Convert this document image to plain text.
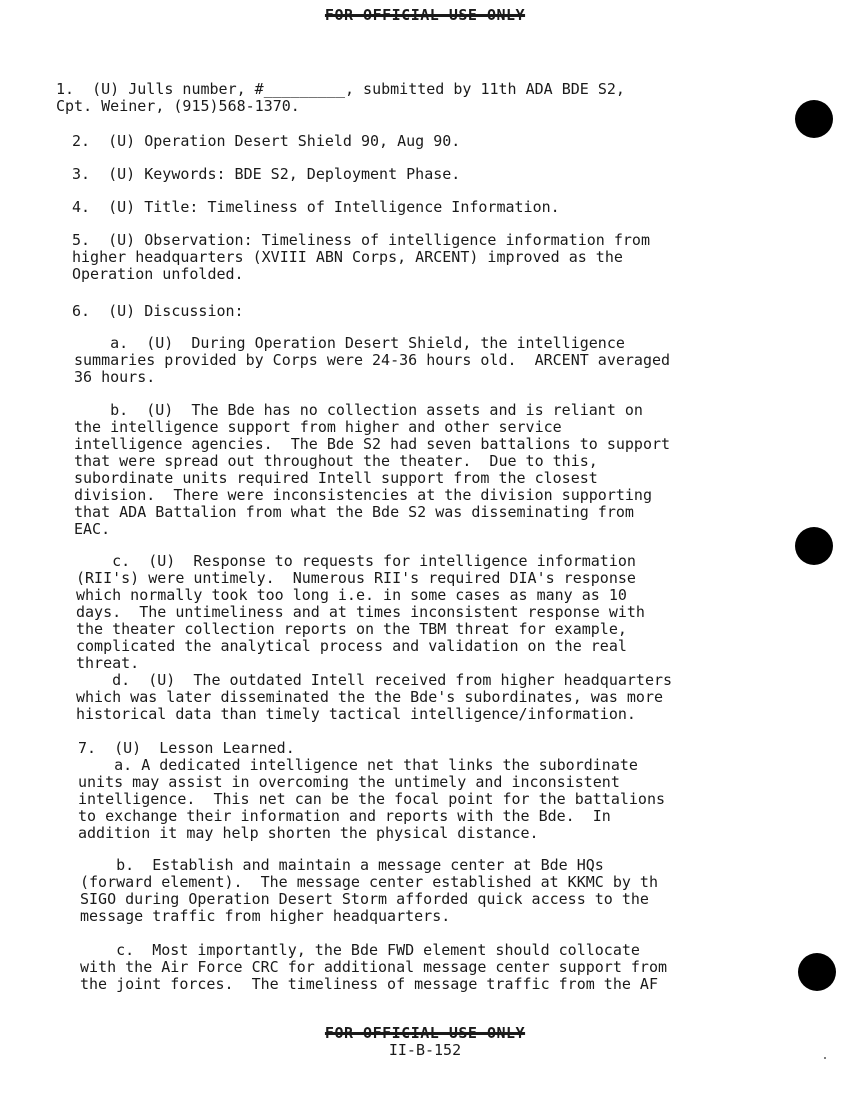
FOR OFFICIAL USE ONLY
1.  (U) Julls number, #_________, submitted by 11th ADA BDE S2,
Cpt. Weiner, (915)568-1370.
2.  (U) Operation Desert Shield 90, Aug 90.
3.  (U) Keywords: BDE S2, Deployment Phase.
4.  (U) Title: Timeliness of Intelligence Information.
5.  (U) Observation: Timeliness of intelligence information from
higher headquarters (XVIII ABN Corps, ARCENT) improved as the
Operation unfolded.
6.  (U) Discussion:
a.  (U)  During Operation Desert Shield, the intelligence
summaries provided by Corps were 24-36 hours old.  ARCENT averaged
36 hours.
b.  (U)  The Bde has no collection assets and is reliant on
the intelligence support from higher and other service
intelligence agencies.  The Bde S2 had seven battalions to support
that were spread out throughout the theater.  Due to this,
subordinate units required Intell support from the closest
division.  There were inconsistencies at the division supporting
that ADA Battalion from what the Bde S2 was disseminating from
EAC.
c.  (U)  Response to requests for intelligence information
(RII's) were untimely.  Numerous RII's required DIA's response
which normally took too long i.e. in some cases as many as 10
days.  The untimeliness and at times inconsistent response with
the theater collection reports on the TBM threat for example,
complicated the analytical process and validation on the real
threat.
d.  (U)  The outdated Intell received from higher headquarters
which was later disseminated the the Bde's subordinates, was more
historical data than timely tactical intelligence/information.
7.  (U)  Lesson Learned.
a. A dedicated intelligence net that links the subordinate
units may assist in overcoming the untimely and inconsistent
intelligence.  This net can be the focal point for the battalions
to exchange their information and reports with the Bde.  In
addition it may help shorten the physical distance.
b.  Establish and maintain a message center at Bde HQs
(forward element).  The message center established at KKMC by th
SIGO during Operation Desert Storm afforded quick access to the
message traffic from higher headquarters.
c.  Most importantly, the Bde FWD element should collocate
with the Air Force CRC for additional message center support from
the joint forces.  The timeliness of message traffic from the AF
FOR OFFICIAL USE ONLY
II-B-152
